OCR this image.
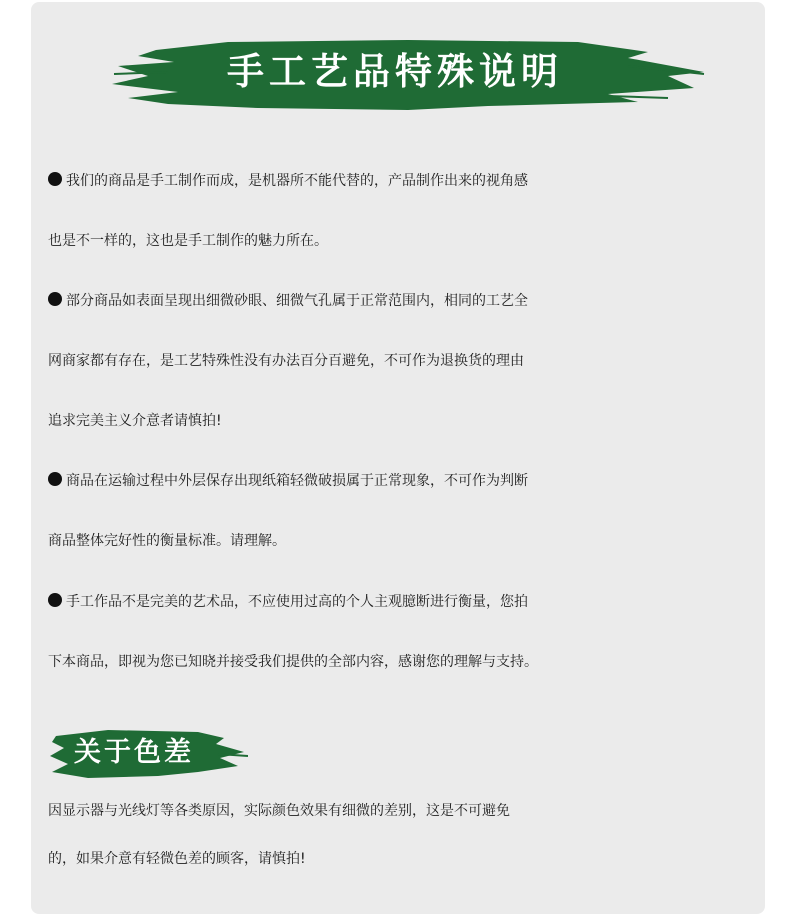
手工艺品特殊说明
我们的商品是手工制作而成，是机器所不能代替的，产品制作出来的视角感
也是不一样的，这也是手工制作的魅力所在。
部分商品如表面呈现出细微砂眼、细微气孔属于正常范围内，相同的工艺全
网商家都有存在，是工艺特殊性没有办法百分百避免，不可作为退换货的理由
追求完美主义介意者请慎拍!
商品在运输过程中外层保存出现纸箱轻微破损属于正常现象，不可作为判断
商品整体完好性的衡量标准。请理解。
手工作品不是完美的艺术品，不应使用过高的个人主观臆断进行衡量，您拍
下本商品，即视为您已知晓并接受我们提供的全部内容，感谢您的理解与支持。
关于色差
因显示器与光线灯等各类原因，实际颜色效果有细微的差别，这是不可避免
的，如果介意有轻微色差的顾客，请慎拍!
